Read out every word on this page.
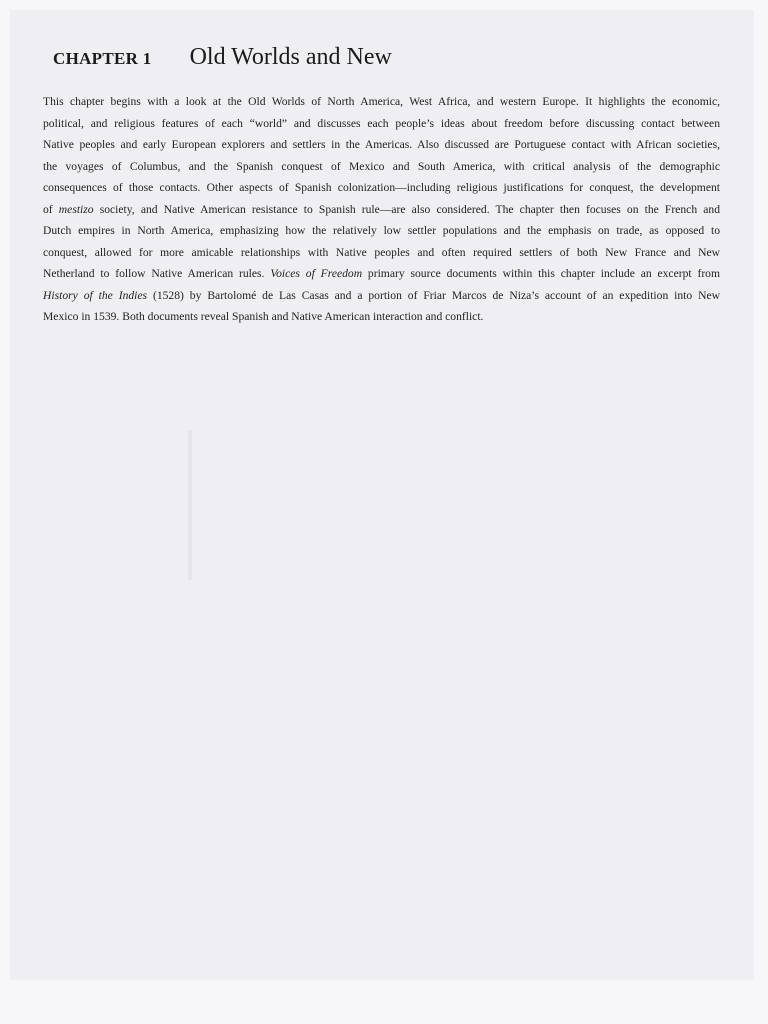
CHAPTER 1 Old Worlds and New
This chapter begins with a look at the Old Worlds of North America, West Africa, and western Europe. It highlights the economic,
political, and religious features of each “world” and discusses each people’s ideas about freedom before discussing contact between
Native peoples and early European explorers and settlers in the Americas. Also discussed are Portuguese contact with African societies,
the voyages of Columbus, and the Spanish conquest of Mexico and South America, with critical analysis of the demographic
consequences of those contacts. Other aspects of Spanish colonization—including religious justifications for conquest, the development
of mestizo society, and Native American resistance to Spanish rule—are also considered. The chapter then focuses on the French and
Dutch empires in North America, emphasizing how the relatively low settler populations and the emphasis on trade, as opposed to
conquest, allowed for more amicable relationships with Native peoples and often required settlers of both New France and New
Netherland to follow Native American rules. Voices of Freedom primary source documents within this chapter include an excerpt from
History of the Indies (1528) by Bartolomé de Las Casas and a portion of Friar Marcos de Niza’s account of an expedition into New
Mexico in 1539. Both documents reveal Spanish and Native American interaction and conflict.
